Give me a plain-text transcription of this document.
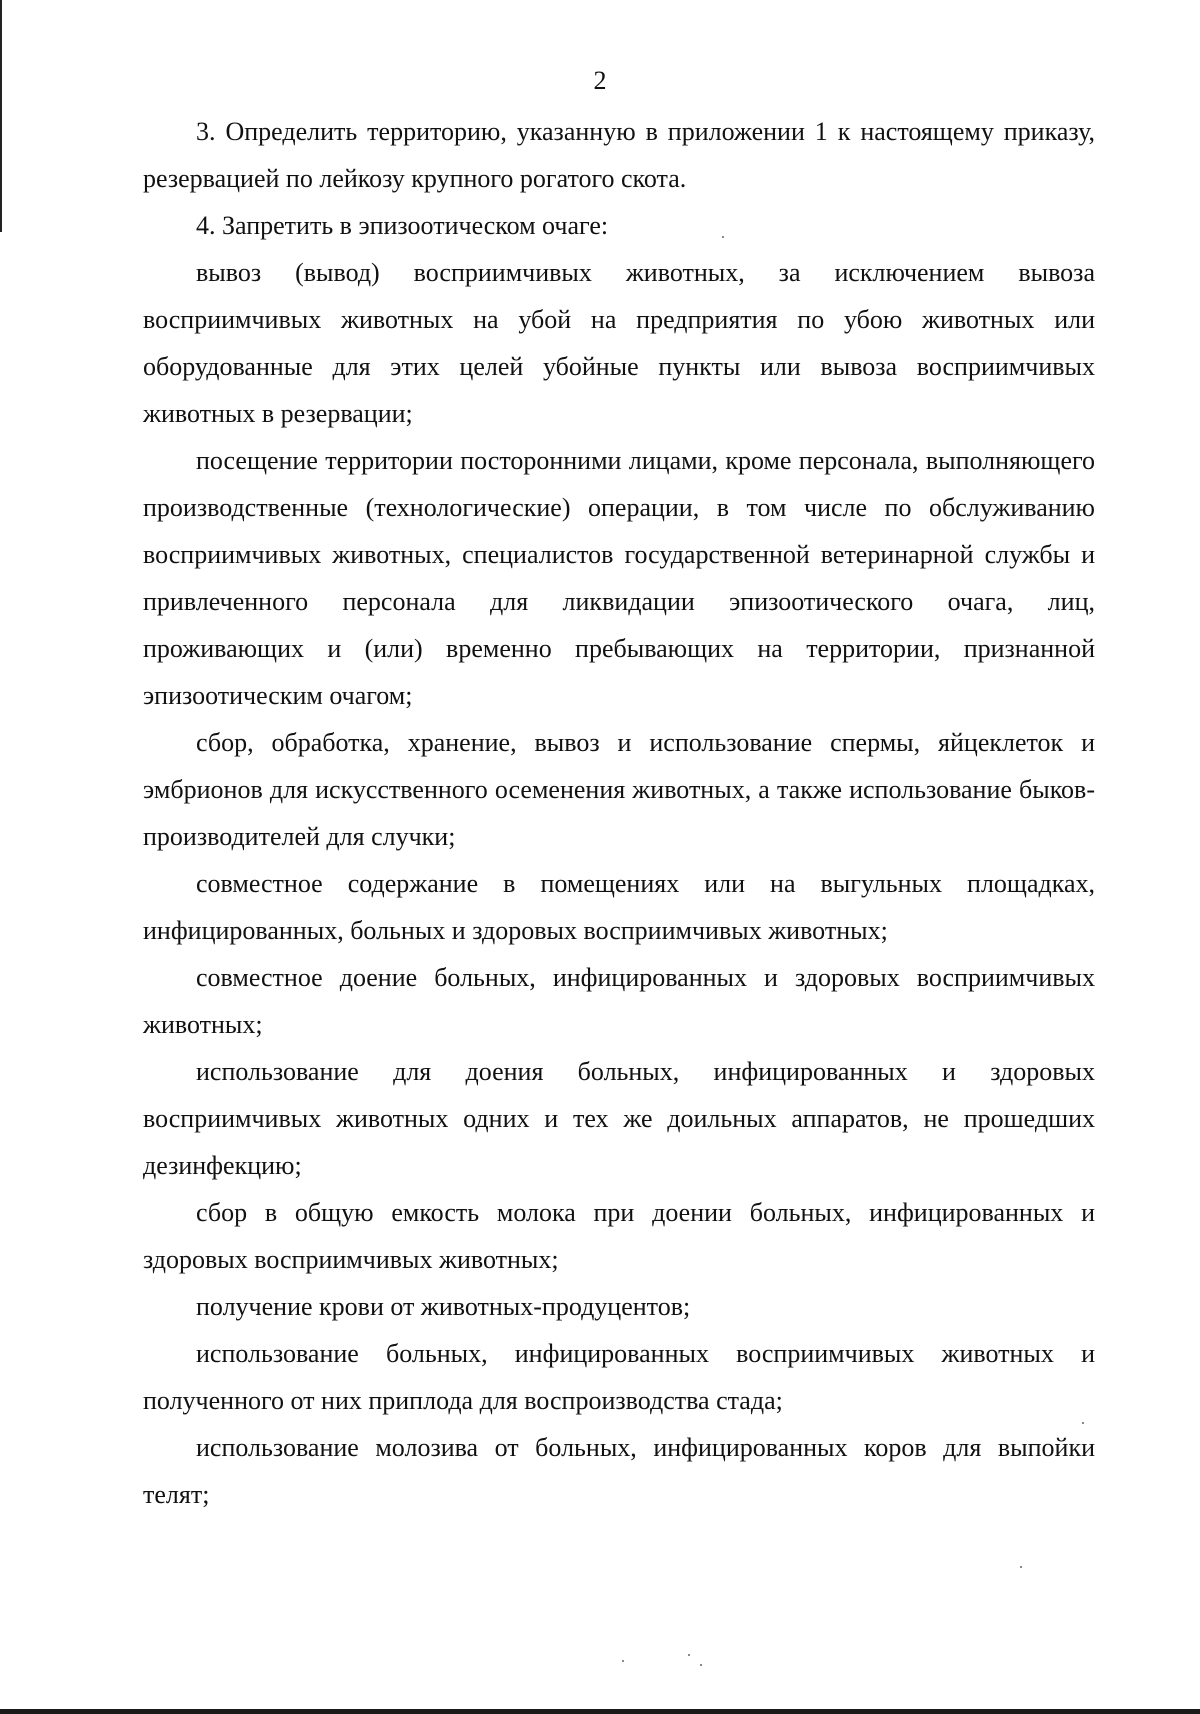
2

3. Определить территорию, указанную в приложении 1 к настоящему приказу, резервацией по лейкозу крупного рогатого скота.

4. Запретить в эпизоотическом очаге:

вывоз (вывод) восприимчивых животных, за исключением вывоза восприимчивых животных на убой на предприятия по убою животных или оборудованные для этих целей убойные пункты или вывоза восприимчивых животных в резервации;

посещение территории посторонними лицами, кроме персонала, выполняющего производственные (технологические) операции, в том числе по обслуживанию восприимчивых животных, специалистов государственной ветеринарной службы и привлеченного персонала для ликвидации эпизоотического очага, лиц, проживающих и (или) временно пребывающих на территории, признанной эпизоотическим очагом;

сбор, обработка, хранение, вывоз и использование спермы, яйцеклеток и эмбрионов для искусственного осеменения животных, а также использование быков-производителей для случки;

совместное содержание в помещениях или на выгульных площадках, инфицированных, больных и здоровых восприимчивых животных;

совместное доение больных, инфицированных и здоровых восприимчивых животных;

использование для доения больных, инфицированных и здоровых восприимчивых животных одних и тех же доильных аппаратов, не прошедших дезинфекцию;

сбор в общую емкость молока при доении больных, инфицированных и здоровых восприимчивых животных;

получение крови от животных-продуцентов;

использование больных, инфицированных восприимчивых животных и полученного от них приплода для воспроизводства стада;

использование молозива от больных, инфицированных коров для выпойки телят;
